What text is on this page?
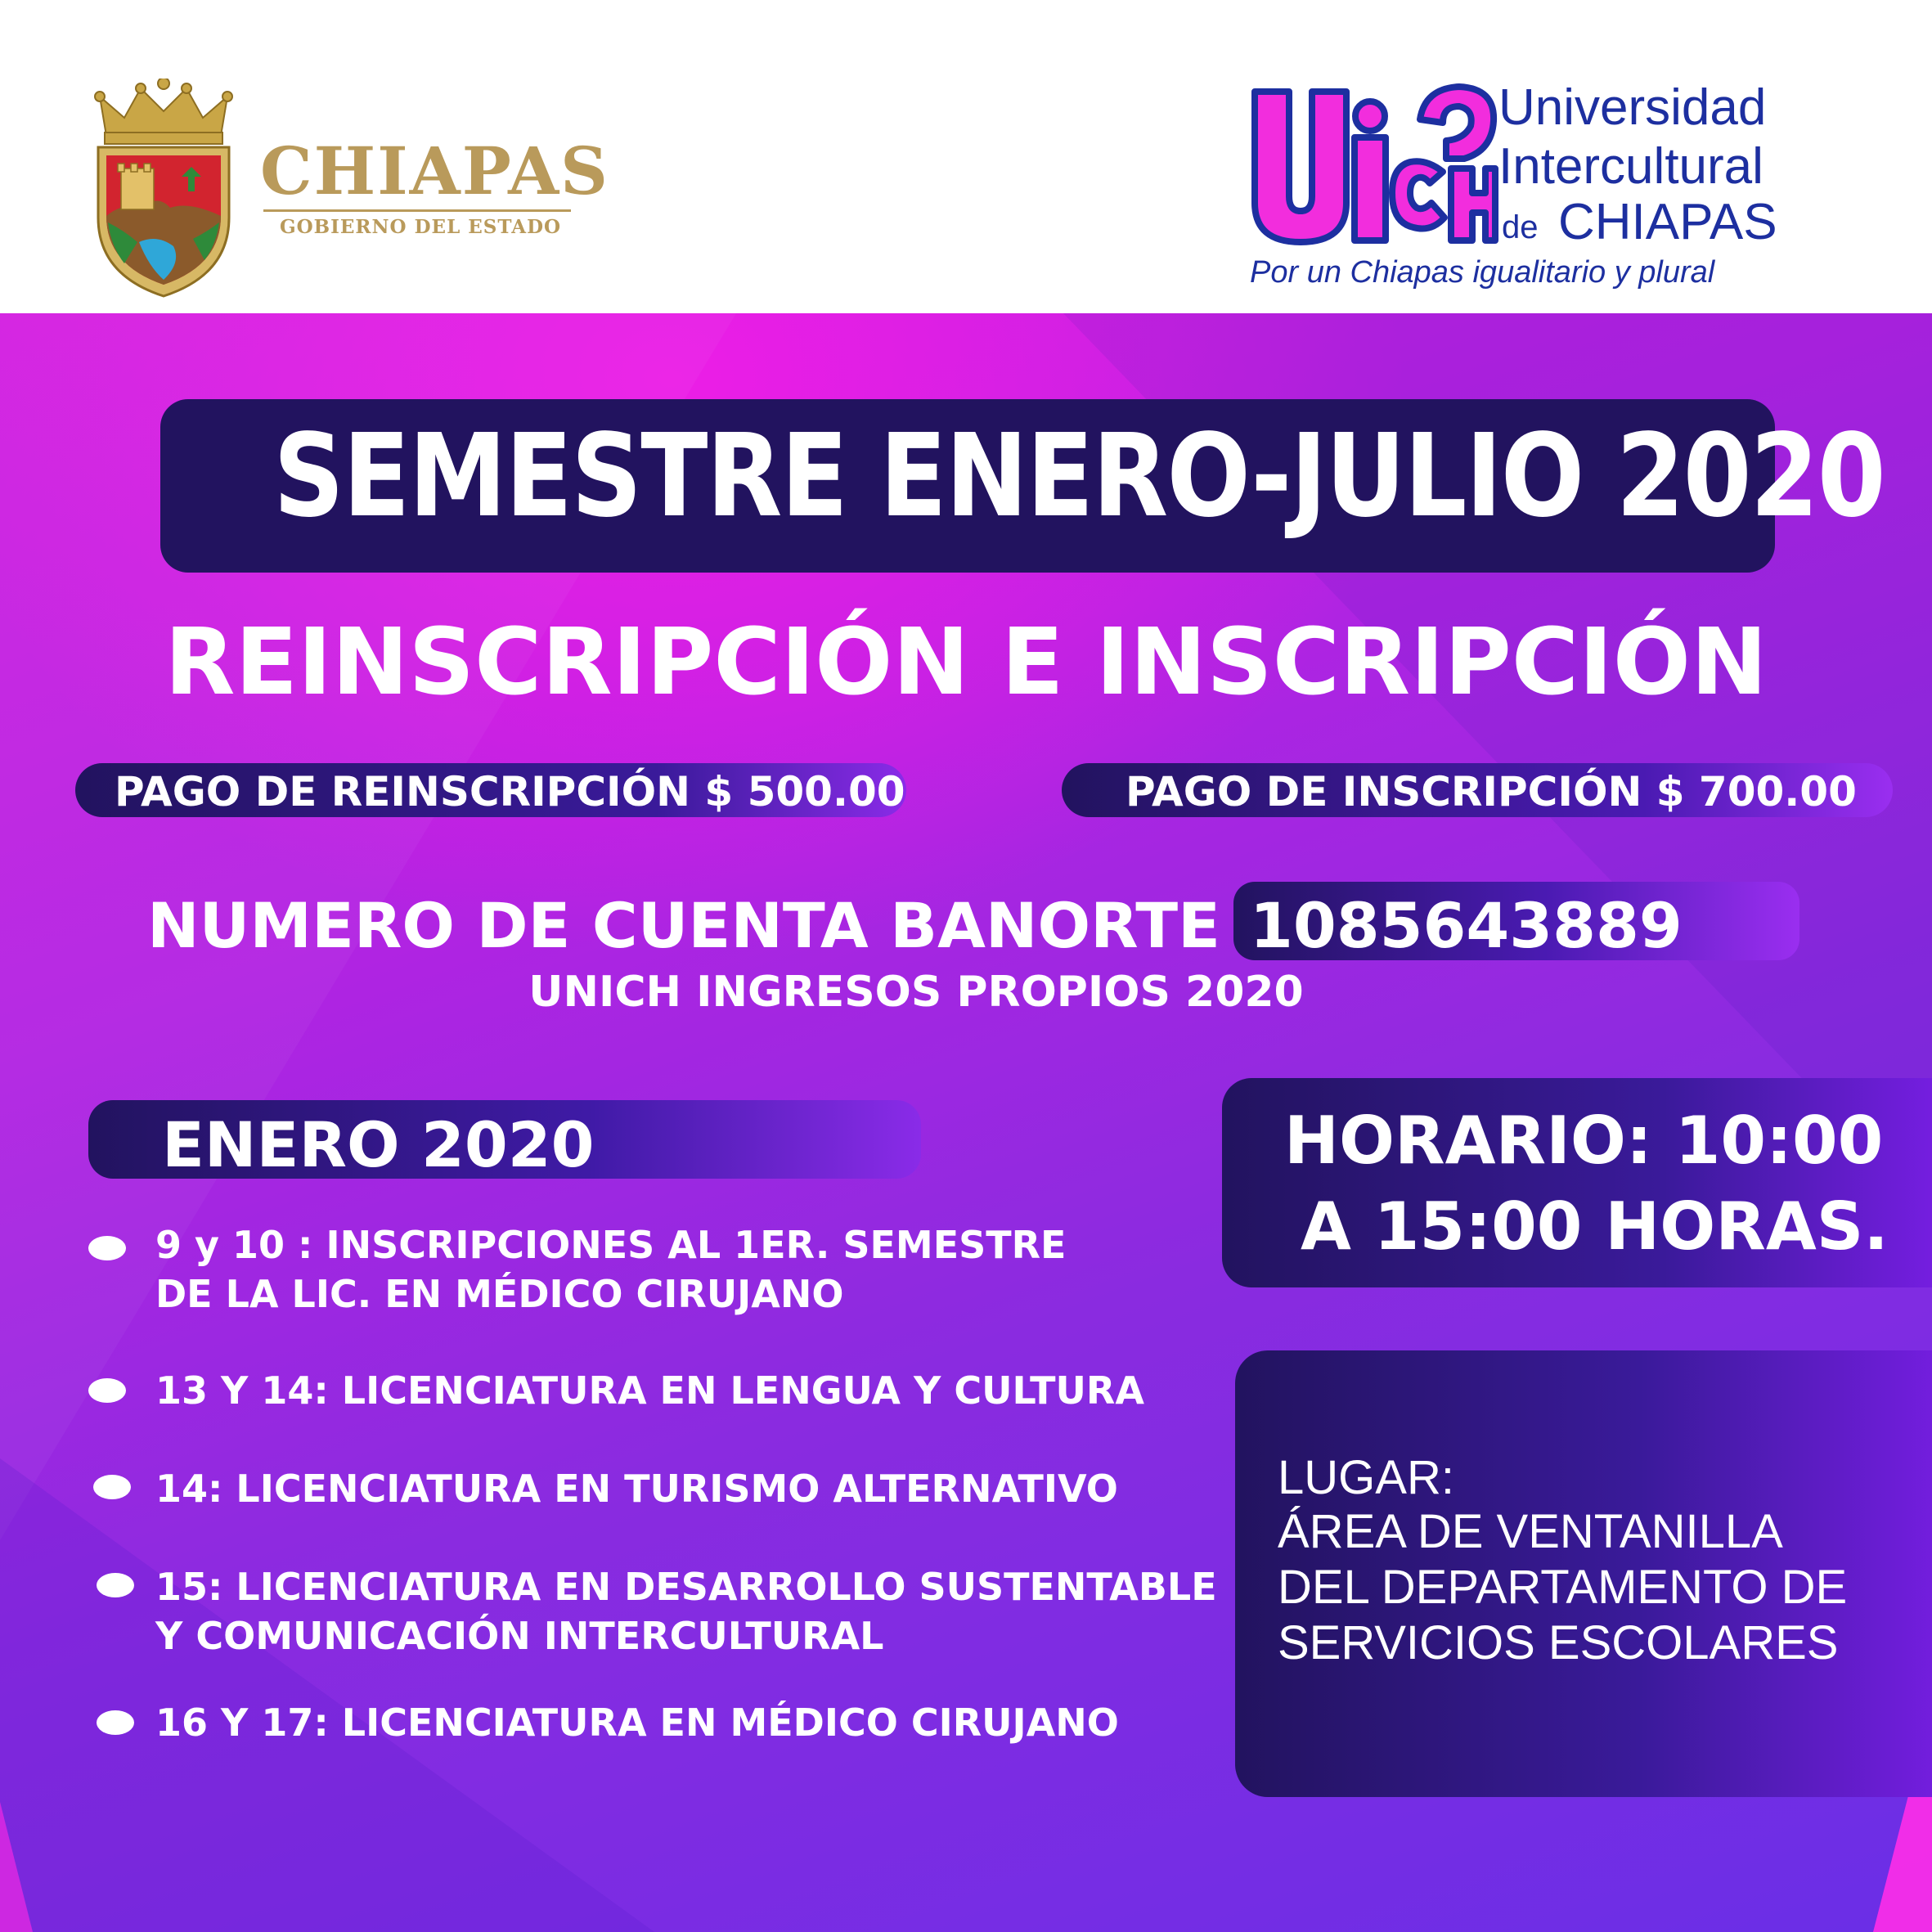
CHIAPAS
GOBIERNO DEL ESTADO
Universidad
Intercultural
de CHIAPAS
Por un Chiapas igualitario y plural
SEMESTRE ENERO-JULIO 2020
REINSCRIPCIÓN E INSCRIPCIÓN
PAGO DE REINSCRIPCIÓN $ 500.00	PAGO DE INSCRIPCIÓN $ 700.00
NUMERO DE CUENTA BANORTE 1085643889
UNICH INGRESOS PROPIOS 2020
ENERO 2020
9 y 10 : INSCRIPCIONES AL 1ER. SEMESTRE
DE LA LIC. EN MÉDICO CIRUJANO
13 Y 14: LICENCIATURA EN LENGUA Y CULTURA
14: LICENCIATURA EN TURISMO ALTERNATIVO
15: LICENCIATURA EN DESARROLLO SUSTENTABLE
Y COMUNICACIÓN INTERCULTURAL
16 Y 17: LICENCIATURA EN MÉDICO CIRUJANO
HORARIO: 10:00
A 15:00 HORAS.
LUGAR:
ÁREA DE VENTANILLA
DEL DEPARTAMENTO DE
SERVICIOS ESCOLARES
